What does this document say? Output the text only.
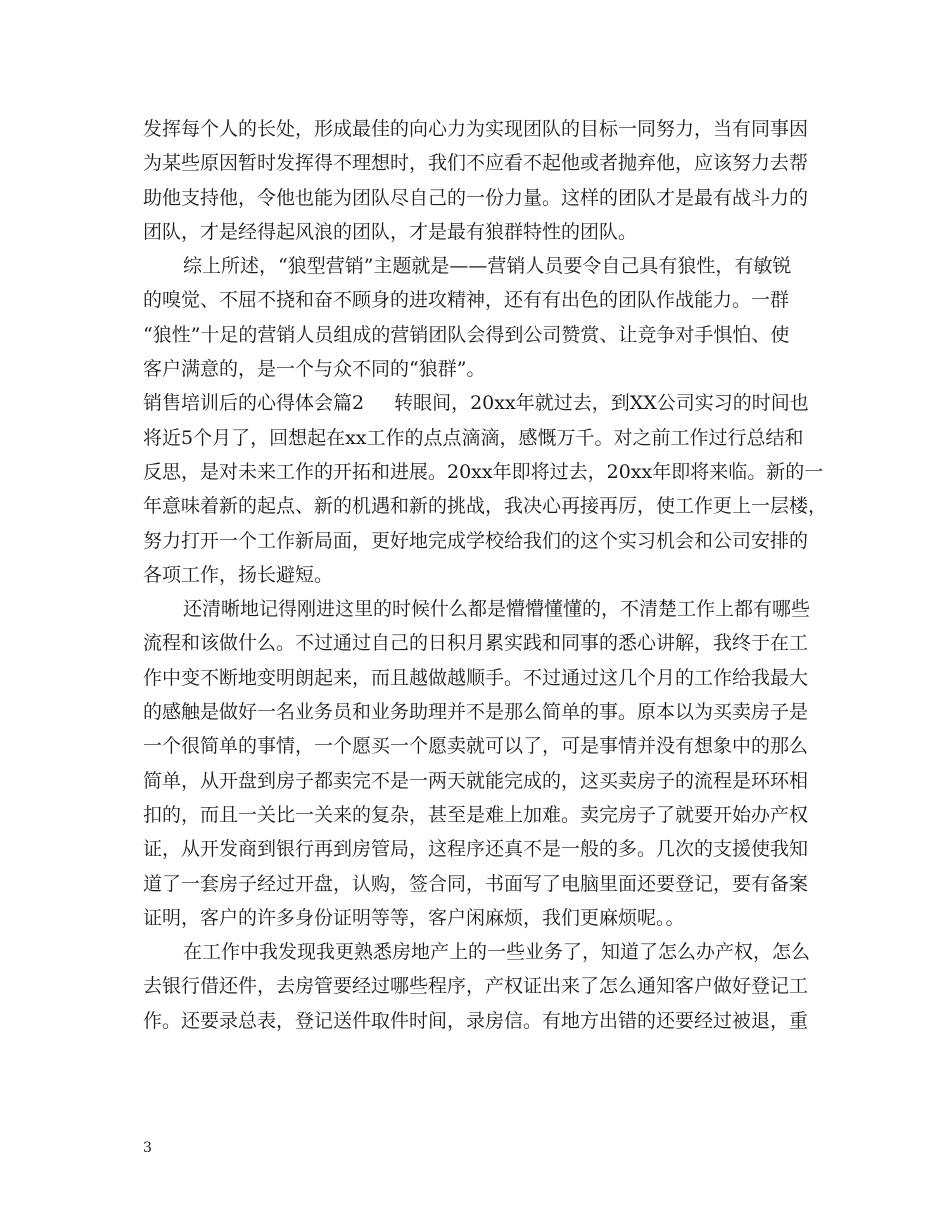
发挥每个人的长处，形成最佳的向心力为实现团队的目标一同努力，当有同事因
为某些原因暂时发挥得不理想时，我们不应看不起他或者抛弃他，应该努力去帮
助他支持他，令他也能为团队尽自己的一份力量。这样的团队才是最有战斗力的
团队，才是经得起风浪的团队，才是最有狼群特性的团队。
综上所述，“狼型营销”主题就是——营销人员要令自己具有狼性，有敏锐
的嗅觉、不屈不挠和奋不顾身的进攻精神，还有有出色的团队作战能力。一群
“狼性”十足的营销人员组成的营销团队会得到公司赞赏、让竞争对手惧怕、使
客户满意的，是一个与众不同的“狼群”。
销售培训后的心得体会篇2 转眼间，20xx年就过去，到XX公司实习的时间也
将近5个月了，回想起在xx工作的点点滴滴，感慨万千。对之前工作过行总结和
反思，是对未来工作的开拓和进展。20xx年即将过去，20xx年即将来临。新的一
年意味着新的起点、新的机遇和新的挑战，我决心再接再厉，使工作更上一层楼，
努力打开一个工作新局面，更好地完成学校给我们的这个实习机会和公司安排的
各项工作，扬长避短。
还清晰地记得刚进这里的时候什么都是懵懵懂懂的，不清楚工作上都有哪些
流程和该做什么。不过通过自己的日积月累实践和同事的悉心讲解，我终于在工
作中变不断地变明朗起来，而且越做越顺手。不过通过这几个月的工作给我最大
的感触是做好一名业务员和业务助理并不是那么简单的事。原本以为买卖房子是
一个很简单的事情，一个愿买一个愿卖就可以了，可是事情并没有想象中的那么
简单，从开盘到房子都卖完不是一两天就能完成的，这买卖房子的流程是环环相
扣的，而且一关比一关来的复杂，甚至是难上加难。卖完房子了就要开始办产权
证，从开发商到银行再到房管局，这程序还真不是一般的多。几次的支援使我知
道了一套房子经过开盘，认购，签合同，书面写了电脑里面还要登记，要有备案
证明，客户的许多身份证明等等，客户闲麻烦，我们更麻烦呢。。
在工作中我发现我更熟悉房地产上的一些业务了，知道了怎么办产权，怎么
去银行借还件，去房管要经过哪些程序，产权证出来了怎么通知客户做好登记工
作。还要录总表，登记送件取件时间，录房信。有地方出错的还要经过被退，重
3
